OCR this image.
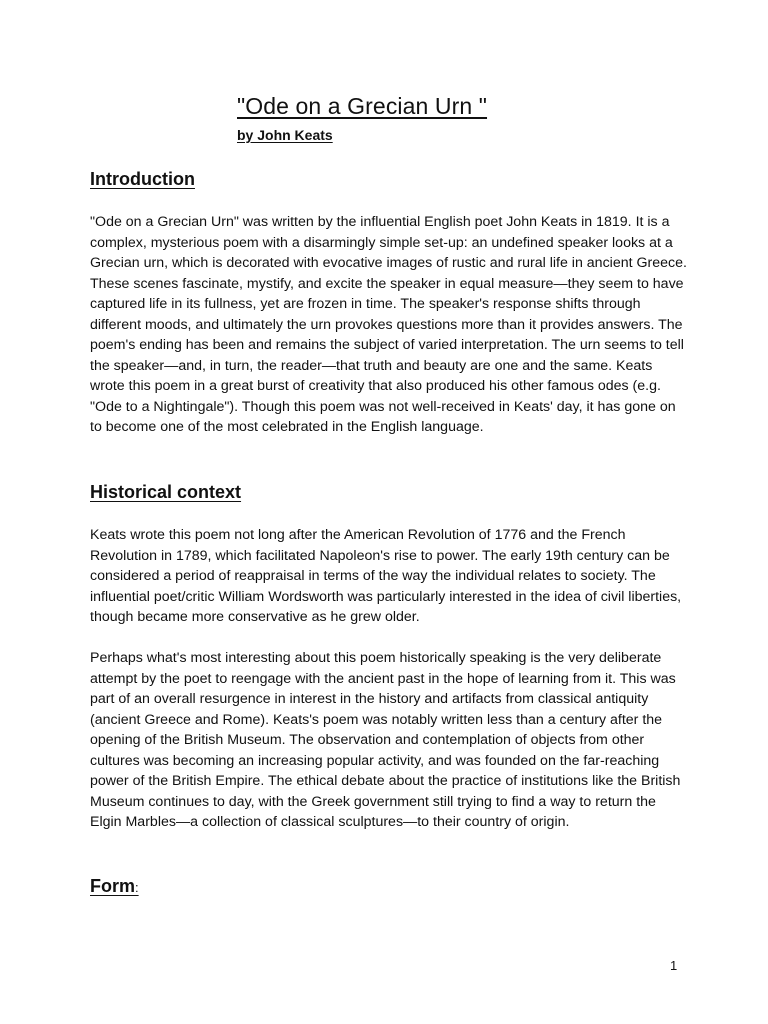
"Ode on a Grecian Urn "
by John Keats
Introduction

"Ode on a Grecian Urn" was written by the influential English poet John Keats in 1819. It is a complex, mysterious poem with a disarmingly simple set-up: an undefined speaker looks at a Grecian urn, which is decorated with evocative images of rustic and rural life in ancient Greece. These scenes fascinate, mystify, and excite the speaker in equal measure—they seem to have captured life in its fullness, yet are frozen in time. The speaker's response shifts through different moods, and ultimately the urn provokes questions more than it provides answers. The poem's ending has been and remains the subject of varied interpretation. The urn seems to tell the speaker—and, in turn, the reader—that truth and beauty are one and the same. Keats wrote this poem in a great burst of creativity that also produced his other famous odes (e.g. "Ode to a Nightingale"). Though this poem was not well-received in Keats' day, it has gone on to become one of the most celebrated in the English language.

Historical context

Keats wrote this poem not long after the American Revolution of 1776 and the French Revolution in 1789, which facilitated Napoleon's rise to power. The early 19th century can be considered a period of reappraisal in terms of the way the individual relates to society. The influential poet/critic William Wordsworth was particularly interested in the idea of civil liberties, though became more conservative as he grew older.

Perhaps what's most interesting about this poem historically speaking is the very deliberate attempt by the poet to reengage with the ancient past in the hope of learning from it. This was part of an overall resurgence in interest in the history and artifacts from classical antiquity (ancient Greece and Rome). Keats's poem was notably written less than a century after the opening of the British Museum. The observation and contemplation of objects from other cultures was becoming an increasing popular activity, and was founded on the far-reaching power of the British Empire. The ethical debate about the practice of institutions like the British Museum continues to day, with the Greek government still trying to find a way to return the Elgin Marbles—a collection of classical sculptures—to their country of origin.

Form:
1
